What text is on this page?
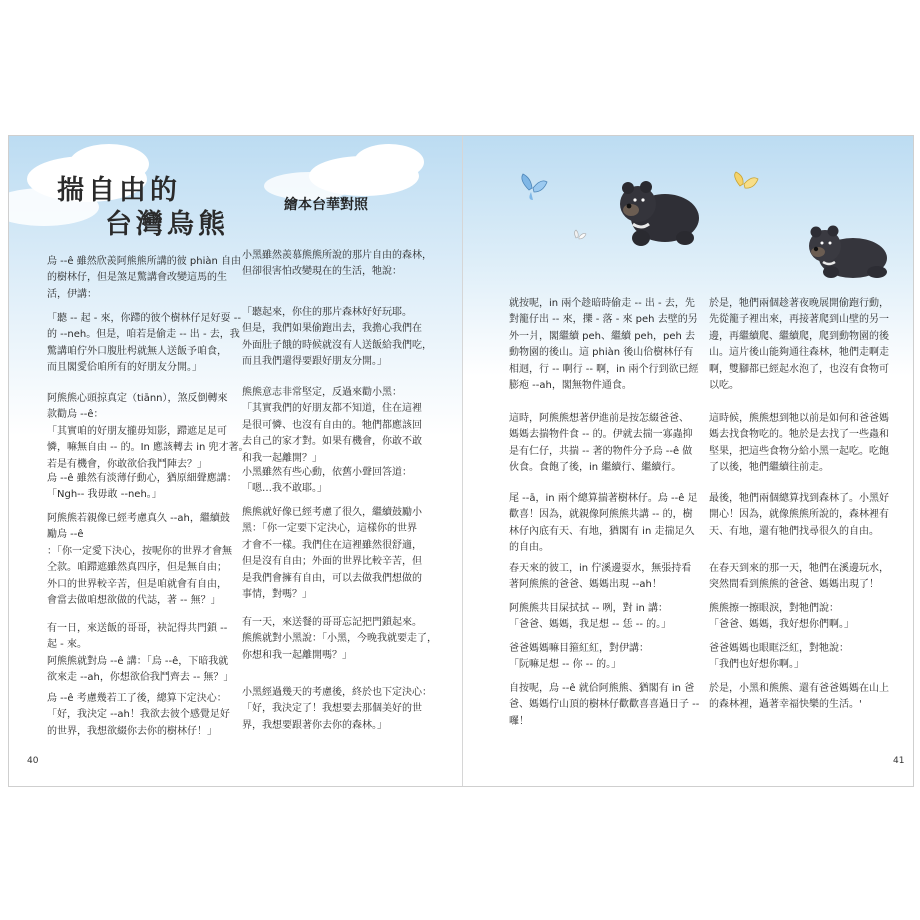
揣自由的
台灣烏熊
繪本台華對照
烏 --ê 雖然欣羨阿熊熊所講的彼 phiàn 自由
的樹林仔，但是煞足驚講會改變這馬的生
活，伊講：
「聽 -- 起 - 來，你蹛的彼个樹林仔足好耍 --
的 --neh。但是，咱若是偷走 -- 出 - 去，我
驚講咱佇外口腹肚枵就無人送飯予咱食，
而且閣愛佮咱所有的好朋友分開。」
阿熊熊心頭掠真定（tiānn），煞反倒轉來
款勸烏 --ê：
「其實咱的好朋友攏毋知影，蹛遮足足可
憐，嘛無自由 -- 的。In 應該轉去 in 兜才著。
若是有機會，你敢欲佮我鬥陣去？」
烏 --ê 雖然有淡薄仔動心，猶原細聲應講：
「Ngh-- 我毋敢 --neh。」
阿熊熊若親像已經考慮真久 --ah，繼續鼓
勵烏 --ê
：「你一定愛下決心，按呢你的世界才會無
仝款。咱蹛遮雖然真四序，但是無自由；
外口的世界較辛苦，但是咱就會有自由，
會當去做咱想欲做的代誌，著 -- 無？」
有一日，來送飯的哥哥，袂記得共門鎖 --
起 - 來。
阿熊熊就對烏 --ê 講：「烏 --ê，下暗我就
欲來走 --ah，你想欲佮我鬥齊去 -- 無？」
烏 --ê 考慮幾若工了後，總算下定決心：
「好，我決定 --ah！我欲去彼个感覺足好
的世界，我想欲綴你去你的樹林仔！」
小黑雖然羨慕熊熊所說的那片自由的森林，
但卻很害怕改變現在的生活，牠說：
「聽起來，你住的那片森林好好玩耶。
但是，我們如果偷跑出去，我擔心我們在
外面肚子餓的時候就沒有人送飯給我們吃，
而且我們還得要跟好朋友分開。」
熊熊意志非常堅定，反過來勸小黑：
「其實我們的好朋友都不知道，住在這裡
是很可憐、也沒有自由的。牠們都應該回
去自己的家才對。如果有機會，你敢不敢
和我一起離開？」
小黑雖然有些心動，依舊小聲回答道：
「嗯…我不敢耶。」
熊熊就好像已經考慮了很久，繼續鼓勵小
黑：「你一定要下定決心，這樣你的世界
才會不一樣。我們住在這裡雖然很舒適，
但是沒有自由；外面的世界比較辛苦，但
是我們會擁有自由，可以去做我們想做的
事情，對嗎？」
有一天，來送餐的哥哥忘記把門鎖起來。
熊熊就對小黑說：「小黑，今晚我就要走了，
你想和我一起離開嗎？」
小黑經過幾天的考慮後，終於也下定決心：
「好，我決定了！我想要去那個美好的世
界，我想要跟著你去你的森林。」
40
就按呢，in 兩个趁暗時偷走 -- 出 - 去，先
對籠仔出 -- 來，擽 - 落 - 來 peh 去壁的另
外一爿，閣繼續 peh、繼續 peh，peh 去
動物園的後山。這 phiàn 後山佮樹林仔有
相迵，行 -- 啊行 -- 啊，in 兩个行到欲已經
膨疱 --ah，閣無物件通食。
這時，阿熊熊想著伊進前是按怎綴爸爸、
媽媽去揣物件食 -- 的。伊就去揣一寡蟲抑
是有仁仔，共揣 -- 著的物件分予烏 --ê 做
伙食。食飽了後，in 繼續行、繼續行。
尾 --ā，in 兩个總算揣著樹林仔。烏 --ê 足
歡喜！因為，就親像阿熊熊共講 -- 的，樹
林仔內底有天、有地，猶閣有 in 走揣足久
的自由。
春天來的彼工，in 佇溪邊耍水，無張持看
著阿熊熊的爸爸、媽媽出現 --ah！
阿熊熊共目屎拭拭 -- 咧，對 in 講：
「爸爸、媽媽，我足想 -- 恁 -- 的。」
爸爸媽媽嘛目箍紅紅，對伊講：
「阮嘛足想 -- 你 -- 的。」
自按呢，烏 --ê 就佮阿熊熊、猶閣有 in 爸
爸、媽媽佇山頂的樹林仔歡歡喜喜過日子 --
囉！
於是，牠們兩個趁著夜晚展開偷跑行動，
先從籠子裡出來，再接著爬到山壁的另一
邊，再繼續爬、繼續爬，爬到動物園的後
山。這片後山能夠通往森林，牠們走啊走
啊，雙腳都已經起水泡了，也沒有食物可
以吃。
這時候，熊熊想到牠以前是如何和爸爸媽
媽去找食物吃的。牠於是去找了一些蟲和
堅果，把這些食物分給小黑一起吃。吃飽
了以後，牠們繼續往前走。
最後，牠們兩個總算找到森林了。小黑好
開心！因為，就像熊熊所說的，森林裡有
天、有地，還有牠們找尋很久的自由。
在春天到來的那一天，牠們在溪邊玩水，
突然間看到熊熊的爸爸、媽媽出現了！
熊熊擦一擦眼淚，對牠們說：
「爸爸、媽媽，我好想你們啊。」
爸爸媽媽也眼眶泛紅，對牠說：
「我們也好想你啊。」
於是，小黑和熊熊、還有爸爸媽媽在山上
的森林裡，過著幸福快樂的生活。'
41
